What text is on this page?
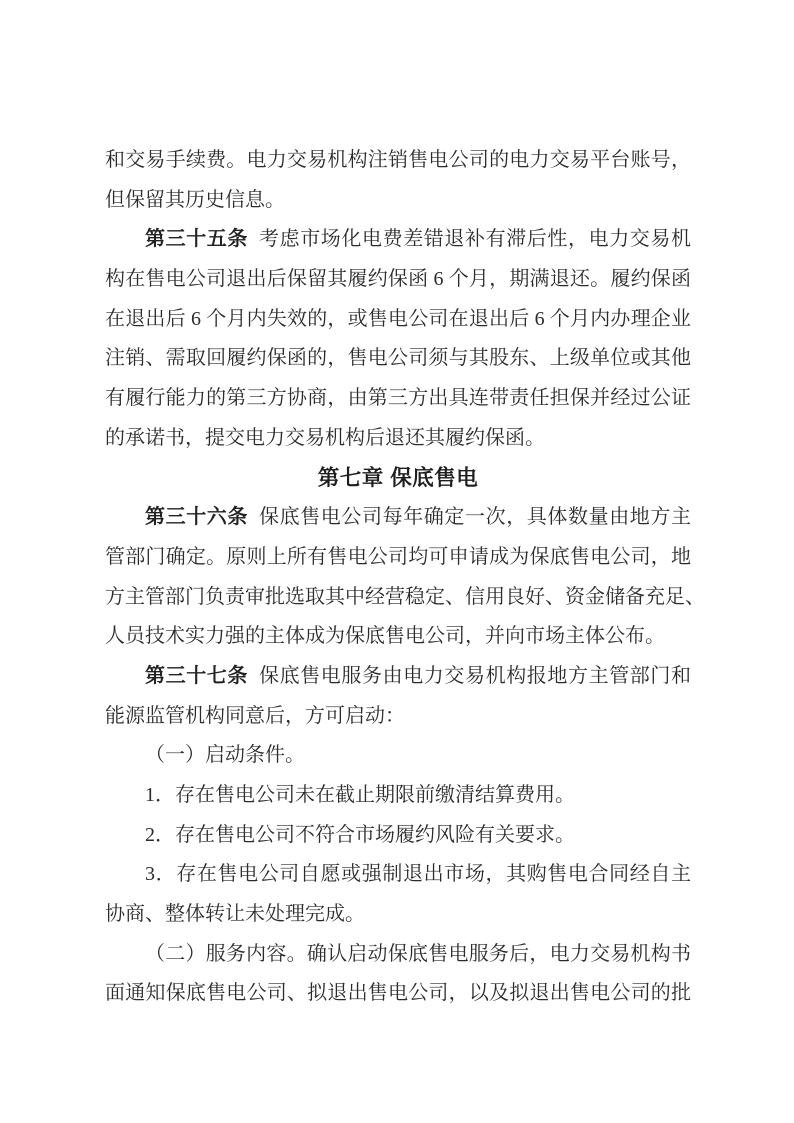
和交易手续费。电力交易机构注销售电公司的电力交易平台账号，

但保留其历史信息。

第三十五条 考虑市场化电费差错退补有滞后性，电力交易机

构在售电公司退出后保留其履约保函 6 个月，期满退还。履约保函

在退出后 6 个月内失效的，或售电公司在退出后 6 个月内办理企业

注销、需取回履约保函的，售电公司须与其股东、上级单位或其他

有履行能力的第三方协商，由第三方出具连带责任担保并经过公证

的承诺书，提交电力交易机构后退还其履约保函。

第七章 保底售电

第三十六条 保底售电公司每年确定一次，具体数量由地方主

管部门确定。原则上所有售电公司均可申请成为保底售电公司，地

方主管部门负责审批选取其中经营稳定、信用良好、资金储备充足、

人员技术实力强的主体成为保底售电公司，并向市场主体公布。

第三十七条 保底售电服务由电力交易机构报地方主管部门和

能源监管机构同意后，方可启动：

（一）启动条件。

1．存在售电公司未在截止期限前缴清结算费用。

2．存在售电公司不符合市场履约风险有关要求。

3．存在售电公司自愿或强制退出市场，其购售电合同经自主

协商、整体转让未处理完成。

（二）服务内容。确认启动保底售电服务后，电力交易机构书

面通知保底售电公司、拟退出售电公司，以及拟退出售电公司的批
